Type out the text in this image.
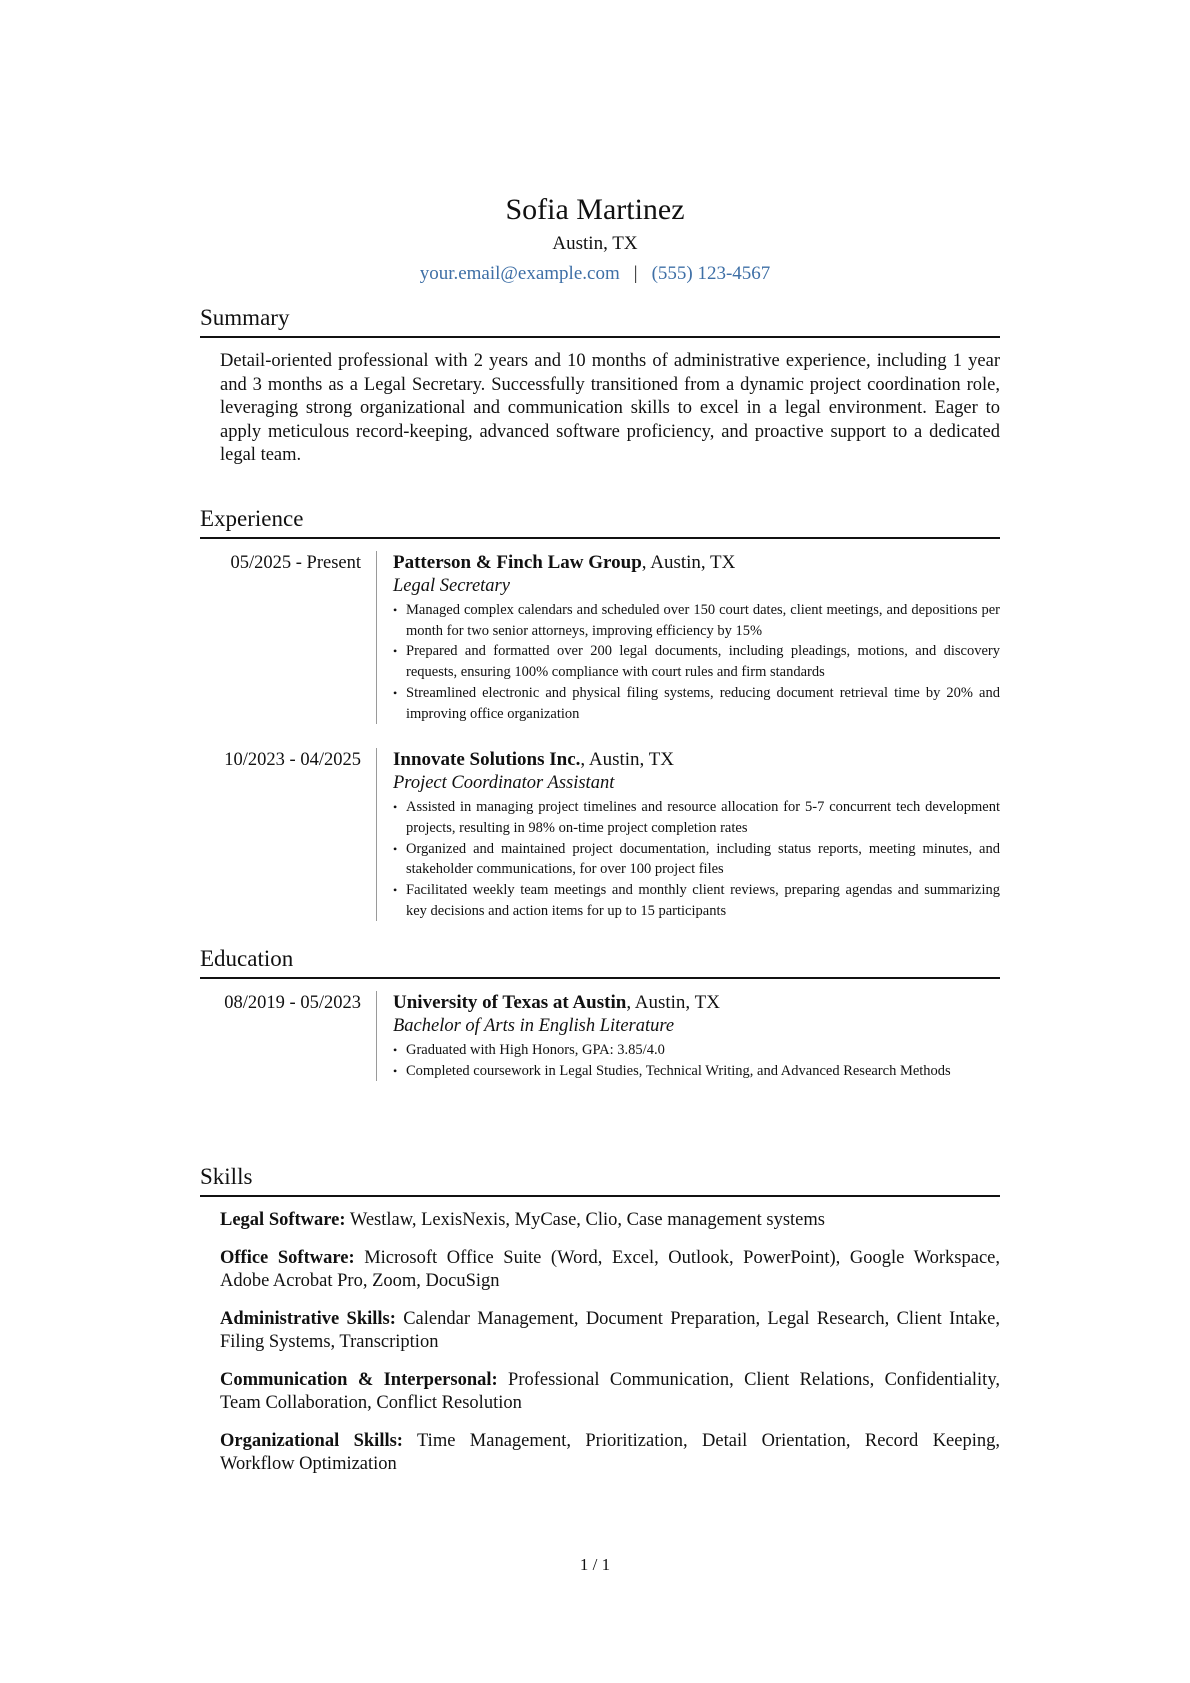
Sofia Martinez
Austin, TX
your.email@example.com | (555) 123-4567
Summary
Detail-oriented professional with 2 years and 10 months of administrative experience, including 1 year and 3 months as a Legal Secretary. Successfully transitioned from a dynamic project coordination role, leveraging strong organizational and communication skills to excel in a legal environment. Eager to apply meticulous record-keeping, advanced software proficiency, and proactive support to a dedicated legal team.
Experience
05/2025 - Present	Patterson & Finch Law Group, Austin, TX
Legal Secretary
• Managed complex calendars and scheduled over 150 court dates, client meetings, and depositions per month for two senior attorneys, improving efficiency by 15%
• Prepared and formatted over 200 legal documents, including pleadings, motions, and discovery requests, ensuring 100% compliance with court rules and firm standards
• Streamlined electronic and physical filing systems, reducing document retrieval time by 20% and improving office organization
10/2023 - 04/2025	Innovate Solutions Inc., Austin, TX
Project Coordinator Assistant
• Assisted in managing project timelines and resource allocation for 5-7 concurrent tech development projects, resulting in 98% on-time project completion rates
• Organized and maintained project documentation, including status reports, meeting minutes, and stakeholder communications, for over 100 project files
• Facilitated weekly team meetings and monthly client reviews, preparing agendas and summarizing key decisions and action items for up to 15 participants
Education
08/2019 - 05/2023	University of Texas at Austin, Austin, TX
Bachelor of Arts in English Literature
• Graduated with High Honors, GPA: 3.85/4.0
• Completed coursework in Legal Studies, Technical Writing, and Advanced Research Methods
Skills
Legal Software: Westlaw, LexisNexis, MyCase, Clio, Case management systems
Office Software: Microsoft Office Suite (Word, Excel, Outlook, PowerPoint), Google Workspace, Adobe Acrobat Pro, Zoom, DocuSign
Administrative Skills: Calendar Management, Document Preparation, Legal Research, Client Intake, Filing Systems, Transcription
Communication & Interpersonal: Professional Communication, Client Relations, Confidentiality, Team Collaboration, Conflict Resolution
Organizational Skills: Time Management, Prioritization, Detail Orientation, Record Keeping, Workflow Optimization
1 / 1
